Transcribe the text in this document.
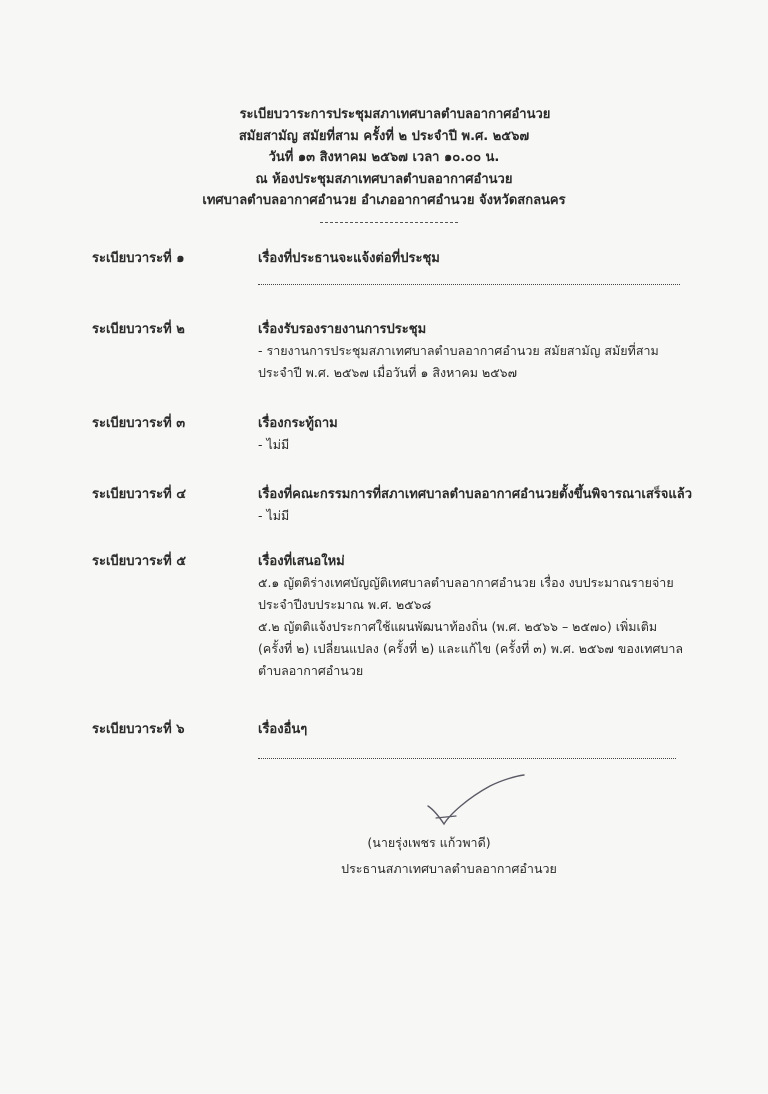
ระเบียบวาระการประชุมสภาเทศบาลตำบลอากาศอำนวย
สมัยสามัญ สมัยที่สาม ครั้งที่ ๒ ประจำปี พ.ศ. ๒๕๖๗
วันที่ ๑๓ สิงหาคม ๒๕๖๗ เวลา ๑๐.๐๐ น.
ณ ห้องประชุมสภาเทศบาลตำบลอากาศอำนวย
เทศบาลตำบลอากาศอำนวย อำเภออากาศอำนวย จังหวัดสกลนคร
ระเบียบวาระที่ ๑	เรื่องที่ประธานจะแจ้งต่อที่ประชุม
ระเบียบวาระที่ ๒	เรื่องรับรองรายงานการประชุม

- รายงานการประชุมสภาเทศบาลตำบลอากาศอำนวย สมัยสามัญ สมัยที่สาม

ประจำปี พ.ศ. ๒๕๖๗ เมื่อวันที่ ๑ สิงหาคม ๒๕๖๗

ระเบียบวาระที่ ๓	เรื่องกระทู้ถาม

- ไม่มี

ระเบียบวาระที่ ๔	เรื่องที่คณะกรรมการที่สภาเทศบาลตำบลอากาศอำนวยตั้งขึ้นพิจารณาเสร็จแล้ว

- ไม่มี

ระเบียบวาระที่ ๕	เรื่องที่เสนอใหม่

๕.๑ ญัตติร่างเทศบัญญัติเทศบาลตำบลอากาศอำนวย เรื่อง งบประมาณรายจ่าย

ประจำปีงบประมาณ พ.ศ. ๒๕๖๘

๕.๒ ญัตติแจ้งประกาศใช้แผนพัฒนาท้องถิ่น (พ.ศ. ๒๕๖๖ – ๒๕๗๐) เพิ่มเติม

(ครั้งที่ ๒) เปลี่ยนแปลง (ครั้งที่ ๒) และแก้ไข (ครั้งที่ ๓) พ.ศ. ๒๕๖๗ ของเทศบาล

ตำบลอากาศอำนวย

ระเบียบวาระที่ ๖	เรื่องอื่นๆ
(นายรุ่งเพชร แก้วพาดี)
ประธานสภาเทศบาลตำบลอากาศอำนวย
